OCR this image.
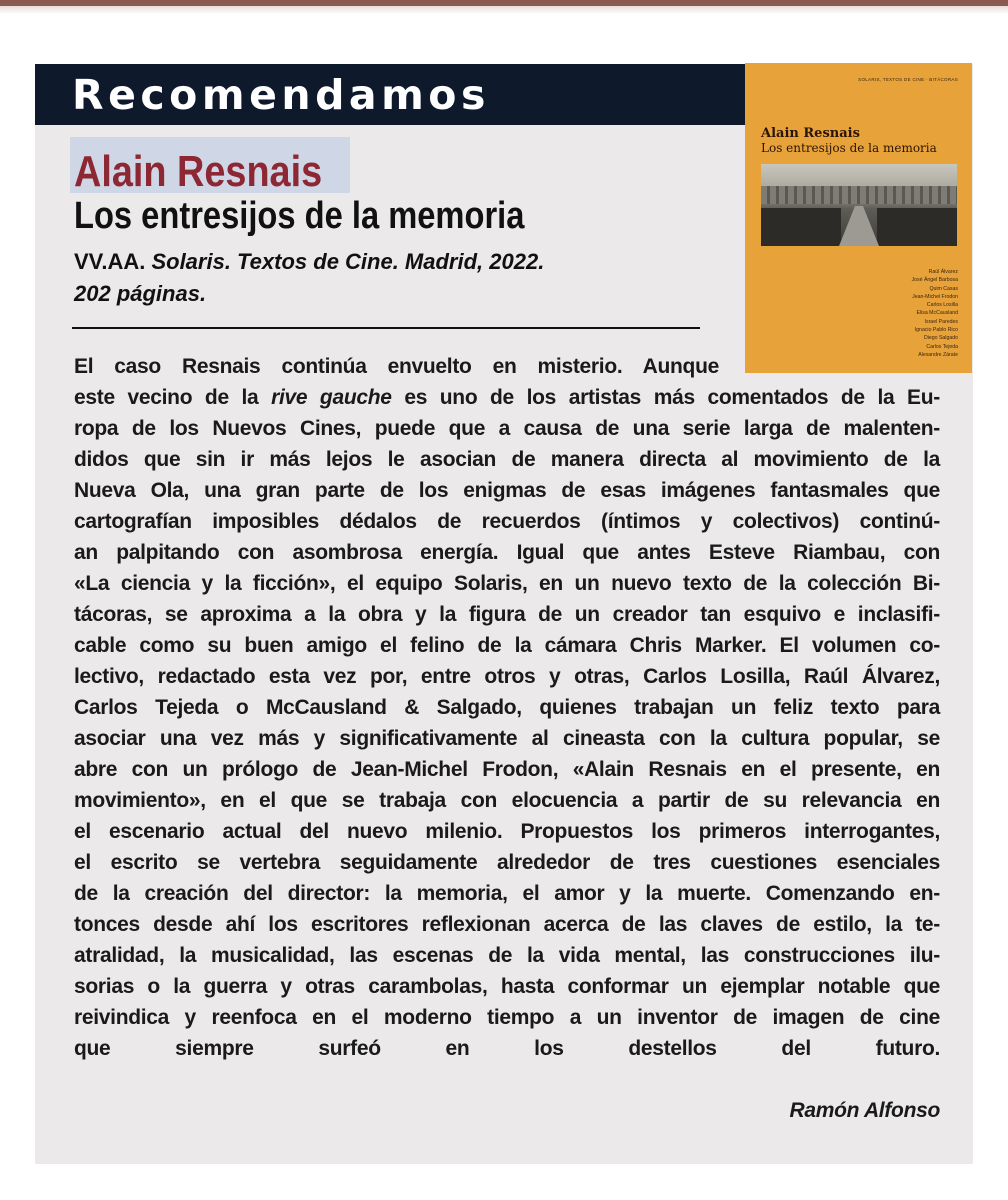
Recomendamos
Alain Resnais
Los entresijos de la memoria
VV.AA. Solaris. Textos de Cine. Madrid, 2022.
202 páginas.
SOLARIS, TEXTOS DE CINE · BITÁCORAS
Alain Resnais
Los entresijos de la memoria
Raúl Álvarez
José Ángel Barbosa
Quim Casas
Jean-Michel Frodon
Carlos Losilla
Elisa McCausland
Israel Paredes
Ignacio Pablo Rico
Diego Salgado
Carlos Tejeda
Alexandre Zárate
El caso Resnais continúa envuelto en misterio. Aunque
este vecino de la rive gauche es uno de los artistas más comentados de la Eu-
ropa de los Nuevos Cines, puede que a causa de una serie larga de malenten-
didos que sin ir más lejos le asocian de manera directa al movimiento de la
Nueva Ola, una gran parte de los enigmas de esas imágenes fantasmales que
cartografían imposibles dédalos de recuerdos (íntimos y colectivos) continú-
an palpitando con asombrosa energía. Igual que antes Esteve Riambau, con
«La ciencia y la ficción», el equipo Solaris, en un nuevo texto de la colección Bi-
tácoras, se aproxima a la obra y la figura de un creador tan esquivo e inclasifi-
cable como su buen amigo el felino de la cámara Chris Marker. El volumen co-
lectivo, redactado esta vez por, entre otros y otras, Carlos Losilla, Raúl Álvarez,
Carlos Tejeda o McCausland & Salgado, quienes trabajan un feliz texto para
asociar una vez más y significativamente al cineasta con la cultura popular, se
abre con un prólogo de Jean-Michel Frodon, «Alain Resnais en el presente, en
movimiento», en el que se trabaja con elocuencia a partir de su relevancia en
el escenario actual del nuevo milenio. Propuestos los primeros interrogantes,
el escrito se vertebra seguidamente alrededor de tres cuestiones esenciales
de la creación del director: la memoria, el amor y la muerte. Comenzando en-
tonces desde ahí los escritores reflexionan acerca de las claves de estilo, la te-
atralidad, la musicalidad, las escenas de la vida mental, las construcciones ilu-
sorias o la guerra y otras carambolas, hasta conformar un ejemplar notable que
reivindica y reenfoca en el moderno tiempo a un inventor de imagen de cine
que siempre surfeó en los destellos del futuro.
Ramón Alfonso
